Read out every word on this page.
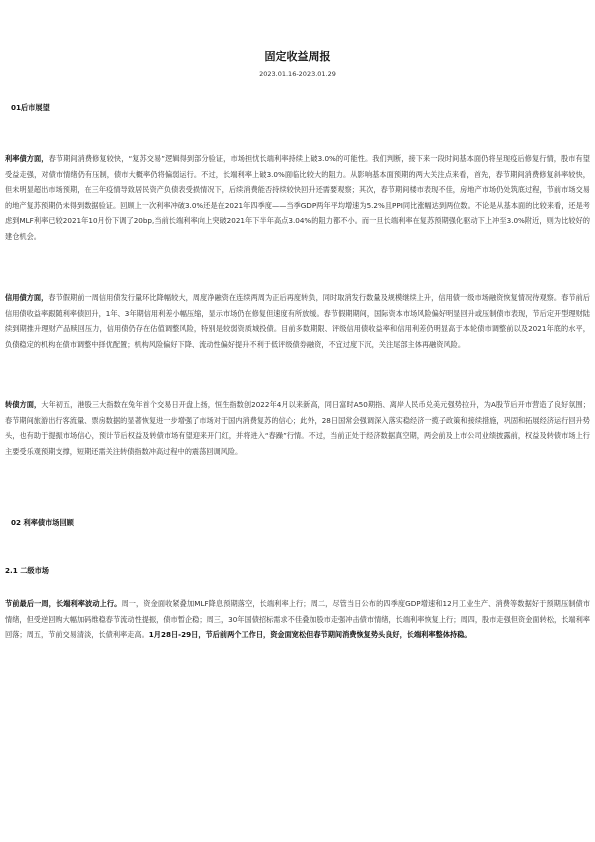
固定收益周报
2023.01.16-2023.01.29
01后市展望

利率债方面，春节期间消费修复较快，“复苏交易”逻辑得到部分验证，市场担忧长端利率持续上破3.0%的可能性。我们判断，接下来一段时间基本面仍将呈现疫后修复行情，股市有望受益走强，对债市情绪仍有压制，债市大概率仍将偏弱运行。不过，长端利率上破3.0%面临比较大的阻力。从影响基本面预期的两大关注点来看，首先，春节期间消费修复斜率较快，但未明显超出市场预期，在三年疫情导致居民资产负债表受损情况下，后续消费能否持续较快回升还需要观察；其次，春节期间楼市表现不佳，房地产市场仍处筑底过程，节前市场交易的地产复苏预期仍未得到数据验证。回顾上一次利率冲破3.0%还是在2021年四季度——当季GDP两年平均增速为5.2%且PPI同比涨幅达到两位数。不论是从基本面的比较来看，还是考虑到MLF利率已较2021年10月份下调了20bp,当前长端利率向上突破2021年下半年高点3.04%的阻力都不小。而一旦长端利率在复苏预期强化驱动下上冲至3.0%附近，则为比较好的建仓机会。

信用债方面，春节假期前一周信用债发行量环比降幅较大，周度净融资在连续两周为正后再度转负，同时取消发行数量及规模继续上升，信用债一级市场融资恢复情况待观察。春节前后信用债收益率跟随利率债回升，1年、3年期信用利差小幅压缩，显示市场仍在修复但速度有所放缓。春节假期期间，国际资本市场风险偏好明显回升或压制债市表现，节后定开型理财陆续到期推升理财产品赎回压力，信用债仍存在估值调整风险，特别是较弱资质城投债。目前多数期限、评级信用债收益率和信用利差仍明显高于本轮债市调整前以及2021年底的水平，负债稳定的机构在债市调整中择优配置；机构风险偏好下降、流动性偏好提升不利于低评级债券融资，不宜过度下沉，关注尾部主体再融资风险。

转债方面，大年初五，港股三大指数在兔年首个交易日开盘上扬，恒生指数创2022年4月以来新高，同日富时A50期指、离岸人民币兑美元强势拉升，为A股节后开市营造了良好氛围；春节期间旅游出行客流量、票房数据的显著恢复进一步增强了市场对于国内消费复苏的信心；此外，28日国常会强调深入落实稳经济一揽子政策和接续措施，巩固和拓展经济运行回升势头，也有助于提振市场信心，预计节后权益及转债市场有望迎来开门红，并将进入“春躁”行情。不过，当前正处于经济数据真空期，两会前及上市公司业绩披露前，权益及转债市场上行主要受乐观预期支撑，短期还需关注转债指数冲高过程中的震荡回调风险。

02 利率债市场回顾
2.1 二级市场

节前最后一周，长端利率波动上行。周一，资金面收紧叠加MLF降息预期落空，长端利率上行；周二，尽管当日公布的四季度GDP增速和12月工业生产、消费等数据好于预期压制债市情绪，但受逆回购大幅加码维稳春节流动性提振，债市暂企稳；周三，30年国债招标需求不佳叠加股市走强冲击债市情绪，长端利率恢复上行；周四，股市走强但资金面转松，长端利率回落；周五，节前交易清淡，长债利率走高。1月28日-29日，节后前两个工作日，资金面宽松但春节期间消费恢复势头良好，长端利率整体持稳。
